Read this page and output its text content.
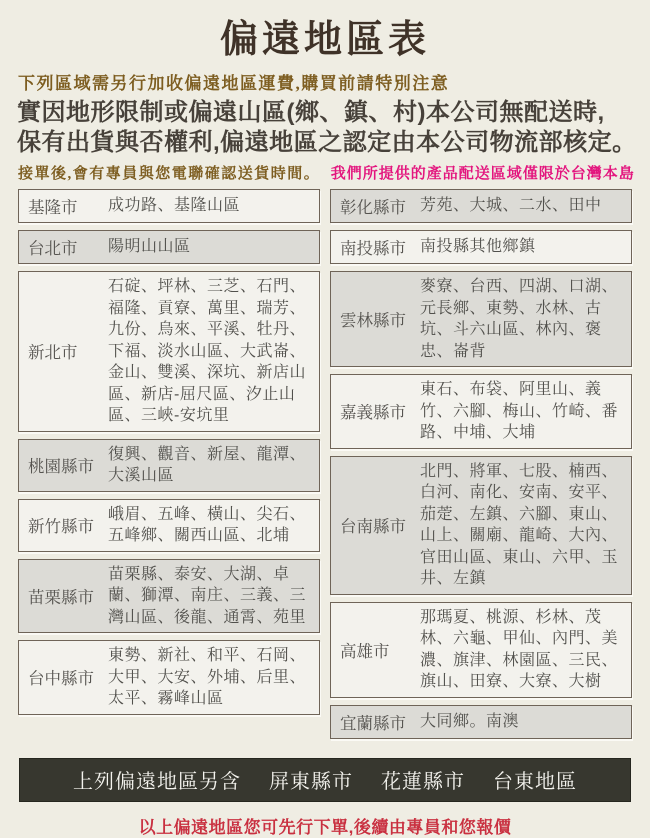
偏遠地區表

下列區域需另行加收偏遠地區運費,購買前請特別注意

實因地形限制或偏遠山區(鄉、鎮、村)本公司無配送時,

保有出貨與否權利,偏遠地區之認定由本公司物流部核定。

接單後,會有專員與您電聯確認送貨時間。 我們所提供的產品配送區域僅限於台灣本島

基隆市	成功路、基隆山區
台北市	陽明山山區
新北市
石碇、坪林、三芝、石門、福隆、貢寮、萬里、瑞芳、九份、烏來、平溪、牡丹、下福、淡水山區、大武崙、金山、雙溪、深坑、新店山區、新店-屈尺區、汐止山區、三峽-安坑里
桃園縣市
復興、觀音、新屋、龍潭、大溪山區
新竹縣市
峨眉、五峰、橫山、尖石、五峰鄉、關西山區、北埔
苗栗縣市
苗栗縣、泰安、大湖、卓蘭、獅潭、南庄、三義、三灣山區、後龍、通霄、苑里
台中縣市
東勢、新社、和平、石岡、大甲、大安、外埔、后里、太平、霧峰山區
彰化縣市 芳苑、大城、二水、田中
南投縣市 南投縣其他鄉鎮
雲林縣市
麥寮、台西、四湖、口湖、元長鄉、東勢、水林、古坑、斗六山區、林內、褒忠、崙背
嘉義縣市
東石、布袋、阿里山、義竹、六腳、梅山、竹崎、番路、中埔、大埔
台南縣市
北門、將軍、七股、楠西、白河、南化、安南、安平、茄萣、左鎮、六腳、東山、山上、關廟、龍崎、大內、官田山區、東山、六甲、玉井、左鎮
高雄市
那瑪夏、桃源、杉林、茂林、六龜、甲仙、內門、美濃、旗津、林園區、三民、旗山、田寮、大寮、大樹
宜蘭縣市 大同鄉。南澳
上列偏遠地區另含 屏東縣市 花蓮縣市 台東地區

以上偏遠地區您可先行下單,後續由專員和您報價
